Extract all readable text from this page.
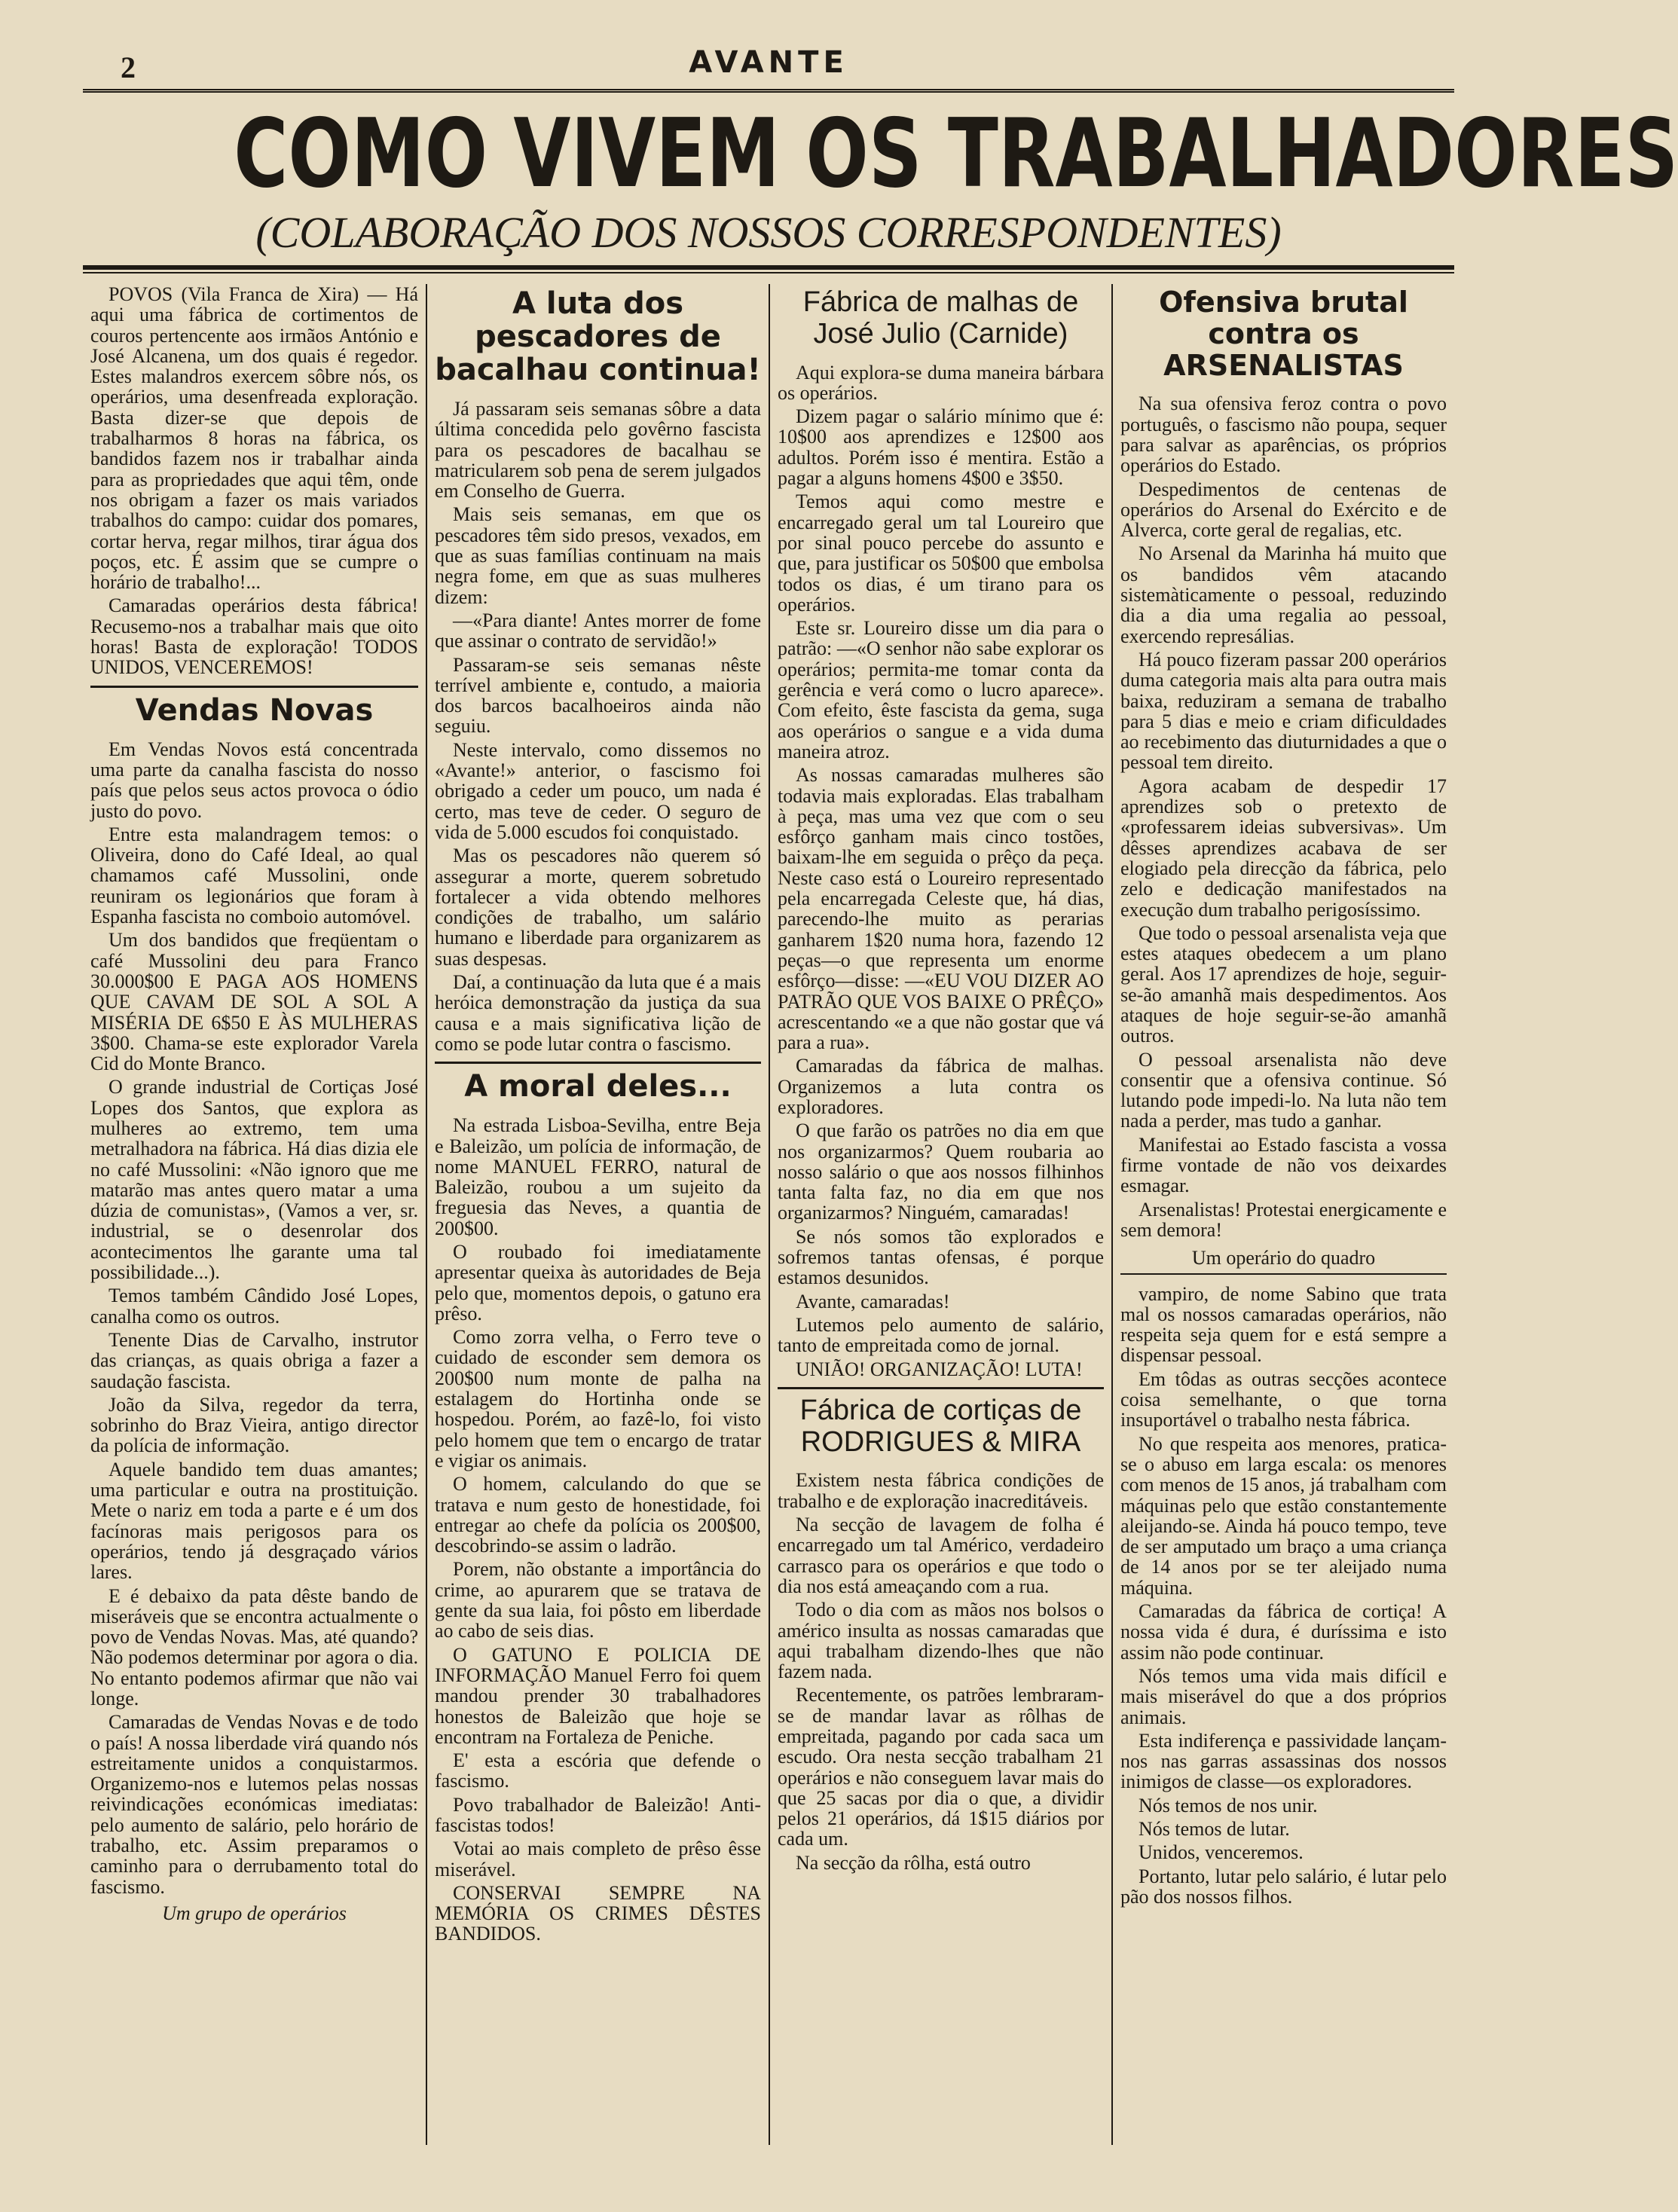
2	AVANTE
COMO VIVEM OS TRABALHADORES
(COLABORAÇÃO DOS NOSSOS CORRESPONDENTES)

POVOS (Vila Franca de Xira) — Há aqui uma fábrica de cortimentos de couros pertencente aos irmãos António e José Alcanena, um dos quais é regedor. Estes malandros exercem sôbre nós, os operários, uma desenfreada exploração. Basta dizer-se que depois de trabalharmos 8 horas na fábrica, os bandidos fazem nos ir trabalhar ainda para as propriedades que aqui têm, onde nos obrigam a fazer os mais variados trabalhos do campo: cuidar dos pomares, cortar herva, regar milhos, tirar água dos poços, etc. É assim que se cumpre o horário de trabalho!...

Camaradas operários desta fábrica! Recusemo-nos a trabalhar mais que oito horas! Basta de exploração! TODOS UNIDOS, VENCEREMOS!

Vendas Novas

Em Vendas Novos está concentrada uma parte da canalha fascista do nosso país que pelos seus actos provoca o ódio justo do povo.

Entre esta malandragem temos: o Oliveira, dono do Café Ideal, ao qual chamamos café Mussolini, onde reuniram os legionários que foram à Espanha fascista no comboio automóvel.

Um dos bandidos que freqüentam o café Mussolini deu para Franco 30.000$00 E PAGA AOS HOMENS QUE CAVAM DE SOL A SOL A MISÉRIA DE 6$50 E ÀS MULHERAS 3$00. Chama-se este explorador Varela Cid do Monte Branco.

O grande industrial de Cortiças José Lopes dos Santos, que explora as mulheres ao extremo, tem uma metralhadora na fábrica. Há dias dizia ele no café Mussolini: «Não ignoro que me matarão mas antes quero matar a uma dúzia de comunistas», (Vamos a ver, sr. industrial, se o desenrolar dos acontecimentos lhe garante uma tal possibilidade...).

Temos também Cândido José Lopes, canalha como os outros.

Tenente Dias de Carvalho, instrutor das crianças, as quais obriga a fazer a saudação fascista.

João da Silva, regedor da terra, sobrinho do Braz Vieira, antigo director da polícia de informação.

Aquele bandido tem duas amantes; uma particular e outra na prostituição. Mete o nariz em toda a parte e é um dos facínoras mais perigosos para os operários, tendo já desgraçado vários lares.

E é debaixo da pata dêste bando de miseráveis que se encontra actualmente o povo de Vendas Novas. Mas, até quando? Não podemos determinar por agora o dia. No entanto podemos afirmar que não vai longe.

Camaradas de Vendas Novas e de todo o país! A nossa liberdade virá quando nós estreitamente unidos a conquistarmos. Organizemo-nos e lutemos pelas nossas reivindicações económicas imediatas: pelo aumento de salário, pelo horário de trabalho, etc. Assim preparamos o caminho para o derrubamento total do fascismo.

Um grupo de operários
A luta dos pescadores de bacalhau continua!

Já passaram seis semanas sôbre a data última concedida pelo govêrno fascista para os pescadores de bacalhau se matricularem sob pena de serem julgados em Conselho de Guerra.

Mais seis semanas, em que os pescadores têm sido presos, vexados, em que as suas famílias continuam na mais negra fome, em que as suas mulheres dizem:

—«Para diante! Antes morrer de fome que assinar o contrato de servidão!»

Passaram-se seis semanas nêste terrível ambiente e, contudo, a maioria dos barcos bacalhoeiros ainda não seguiu.

Neste intervalo, como dissemos no «Avante!» anterior, o fascismo foi obrigado a ceder um pouco, um nada é certo, mas teve de ceder. O seguro de vida de 5.000 escudos foi conquistado.

Mas os pescadores não querem só assegurar a morte, querem sobretudo fortalecer a vida obtendo melhores condições de trabalho, um salário humano e liberdade para organizarem as suas despesas.

Daí, a continuação da luta que é a mais heróica demonstração da justiça da sua causa e a mais significativa lição de como se pode lutar contra o fascismo.

A moral deles...

Na estrada Lisboa-Sevilha, entre Beja e Baleizão, um polícia de informação, de nome MANUEL FERRO, natural de Baleizão, roubou a um sujeito da freguesia das Neves, a quantia de 200$00.

O roubado foi imediatamente apresentar queixa às autoridades de Beja pelo que, momentos depois, o gatuno era prêso.

Como zorra velha, o Ferro teve o cuidado de esconder sem demora os 200$00 num monte de palha na estalagem do Hortinha onde se hospedou. Porém, ao fazê-lo, foi visto pelo homem que tem o encargo de tratar e vigiar os animais.

O homem, calculando do que se tratava e num gesto de honestidade, foi entregar ao chefe da polícia os 200$00, descobrindo-se assim o ladrão.

Porem, não obstante a importância do crime, ao apurarem que se tratava de gente da sua laia, foi pôsto em liberdade ao cabo de seis dias.

O GATUNO E POLICIA DE INFORMAÇÃO Manuel Ferro foi quem mandou prender 30 trabalhadores honestos de Baleizão que hoje se encontram na Fortaleza de Peniche.

E' esta a escória que defende o fascismo.

Povo trabalhador de Baleizão! Anti-fascistas todos!

Votai ao mais completo de prêso êsse miserável.

CONSERVAI SEMPRE NA MEMÓRIA OS CRIMES DÊSTES BANDIDOS.

Fábrica de malhas de José Julio (Carnide)

Aqui explora-se duma maneira bárbara os operários.

Dizem pagar o salário mínimo que é: 10$00 aos aprendizes e 12$00 aos adultos. Porém isso é mentira. Estão a pagar a alguns homens 4$00 e 3$50.

Temos aqui como mestre e encarregado geral um tal Loureiro que por sinal pouco percebe do assunto e que, para justificar os 50$00 que embolsa todos os dias, é um tirano para os operários.

Este sr. Loureiro disse um dia para o patrão: —«O senhor não sabe explorar os operários; permita-me tomar conta da gerência e verá como o lucro aparece». Com efeito, êste fascista da gema, suga aos operários o sangue e a vida duma maneira atroz.

As nossas camaradas mulheres são todavia mais exploradas. Elas trabalham à peça, mas uma vez que com o seu esfôrço ganham mais cinco tostões, baixam-lhe em seguida o prêço da peça. Neste caso está o Loureiro representado pela encarregada Celeste que, há dias, parecendo-lhe muito as perarias ganharem 1$20 numa hora, fazendo 12 peças—o que representa um enorme esfôrço—disse: —«EU VOU DIZER AO PATRÃO QUE VOS BAIXE O PRÊÇO» acrescentando «e a que não gostar que vá para a rua».

Camaradas da fábrica de malhas. Organizemos a luta contra os exploradores.

O que farão os patrões no dia em que nos organizarmos? Quem roubaria ao nosso salário o que aos nossos filhinhos tanta falta faz, no dia em que nos organizarmos? Ninguém, camaradas!

Se nós somos tão explorados e sofremos tantas ofensas, é porque estamos desunidos.

Avante, camaradas!

Lutemos pelo aumento de salário, tanto de empreitada como de jornal.

UNIÃO! ORGANIZAÇÃO! LUTA!

Fábrica de cortiças de RODRIGUES & MIRA

Existem nesta fábrica condições de trabalho e de exploração inacreditáveis.

Na secção de lavagem de folha é encarregado um tal Américo, verdadeiro carrasco para os operários e que todo o dia nos está ameaçando com a rua.

Todo o dia com as mãos nos bolsos o américo insulta as nossas camaradas que aqui trabalham dizendo-lhes que não fazem nada.

Recentemente, os patrões lembraram-se de mandar lavar as rôlhas de empreitada, pagando por cada saca um escudo. Ora nesta secção trabalham 21 operários e não conseguem lavar mais do que 25 sacas por dia o que, a dividir pelos 21 operários, dá 1$15 diários por cada um.

Na secção da rôlha, está outro

Ofensiva brutal contra os ARSENALISTAS

Na sua ofensiva feroz contra o povo português, o fascismo não poupa, sequer para salvar as aparências, os próprios operários do Estado.

Despedimentos de centenas de operários do Arsenal do Exército e de Alverca, corte geral de regalias, etc.

No Arsenal da Marinha há muito que os bandidos vêm atacando sistemàticamente o pessoal, reduzindo dia a dia uma regalia ao pessoal, exercendo represálias.

Há pouco fizeram passar 200 operários duma categoria mais alta para outra mais baixa, reduziram a semana de trabalho para 5 dias e meio e criam dificuldades ao recebimento das diuturnidades a que o pessoal tem direito.

Agora acabam de despedir 17 aprendizes sob o pretexto de «professarem ideias subversivas». Um dêsses aprendizes acabava de ser elogiado pela direcção da fábrica, pelo zelo e dedicação manifestados na execução dum trabalho perigosíssimo.

Que todo o pessoal arsenalista veja que estes ataques obedecem a um plano geral. Aos 17 aprendizes de hoje, seguir-se-ão amanhã mais despedimentos. Aos ataques de hoje seguir-se-ão amanhã outros.

O pessoal arsenalista não deve consentir que a ofensiva continue. Só lutando pode impedi-lo. Na luta não tem nada a perder, mas tudo a ganhar.

Manifestai ao Estado fascista a vossa firme vontade de não vos deixardes esmagar.

Arsenalistas! Protestai energicamente e sem demora!

Um operário do quadro

vampiro, de nome Sabino que trata mal os nossos camaradas operários, não respeita seja quem for e está sempre a dispensar pessoal.

Em tôdas as outras secções acontece coisa semelhante, o que torna insuportável o trabalho nesta fábrica.

No que respeita aos menores, pratica-se o abuso em larga escala: os menores com menos de 15 anos, já trabalham com máquinas pelo que estão constantemente aleijando-se. Ainda há pouco tempo, teve de ser amputado um braço a uma criança de 14 anos por se ter aleijado numa máquina.

Camaradas da fábrica de cortiça! A nossa vida é dura, é duríssima e isto assim não pode continuar.

Nós temos uma vida mais difícil e mais miserável do que a dos próprios animais.

Esta indiferença e passividade lançam-nos nas garras assassinas dos nossos inimigos de classe—os exploradores.

Nós temos de nos unir.

Nós temos de lutar.

Unidos, venceremos.

Portanto, lutar pelo salário, é lutar pelo pão dos nossos filhos.
